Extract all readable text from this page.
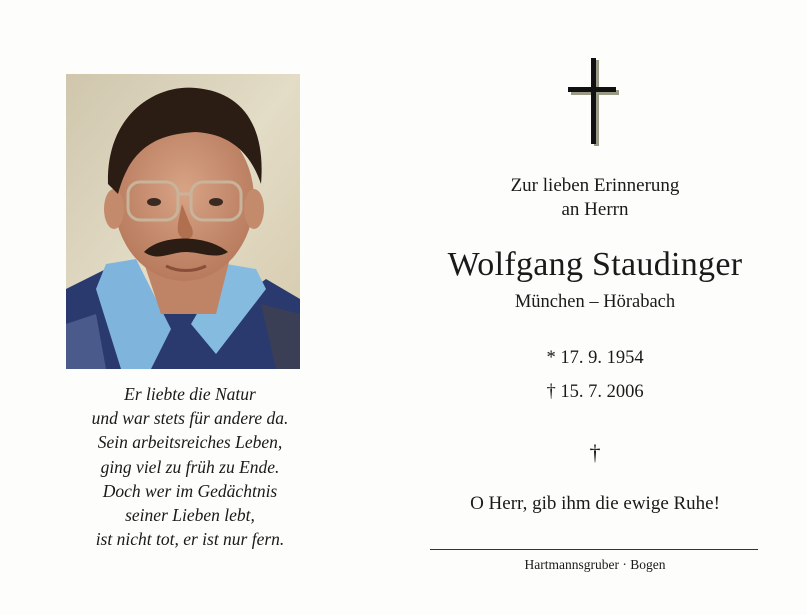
Er liebte die Natur
und war stets für andere da.
Sein arbeitsreiches Leben,
ging viel zu früh zu Ende.
Doch wer im Gedächtnis
seiner Lieben lebt,
ist nicht tot, er ist nur fern.
Zur lieben Erinnerung
an Herrn
Wolfgang Staudinger
München – Hörabach
* 17. 9. 1954
† 15. 7. 2006
†
O Herr, gib ihm die ewige Ruhe!
Hartmannsgruber · Bogen
